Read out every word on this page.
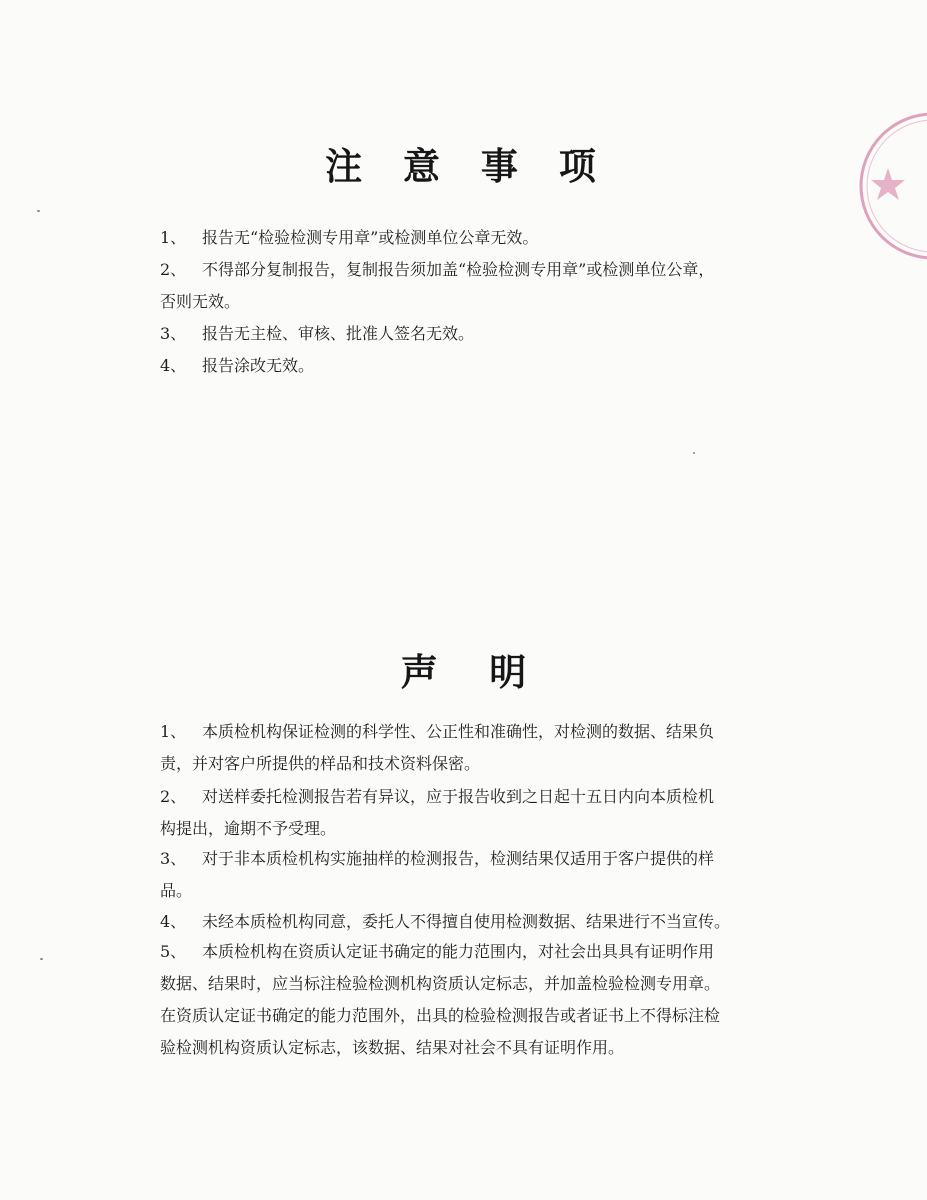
注 意 事 项
1、 报告无“检验检测专用章”或检测单位公章无效。
2、 不得部分复制报告，复制报告须加盖“检验检测专用章”或检测单位公章，
否则无效。
3、 报告无主检、审核、批准人签名无效。
4、 报告涂改无效。
声    明
1、 本质检机构保证检测的科学性、公正性和准确性，对检测的数据、结果负
责，并对客户所提供的样品和技术资料保密。
2、 对送样委托检测报告若有异议，应于报告收到之日起十五日内向本质检机
构提出，逾期不予受理。
3、 对于非本质检机构实施抽样的检测报告，检测结果仅适用于客户提供的样
品。
4、 未经本质检机构同意，委托人不得擅自使用检测数据、结果进行不当宣传。
5、 本质检机构在资质认定证书确定的能力范围内，对社会出具具有证明作用
数据、结果时，应当标注检验检测机构资质认定标志，并加盖检验检测专用章。
在资质认定证书确定的能力范围外，出具的检验检测报告或者证书上不得标注检
验检测机构资质认定标志，该数据、结果对社会不具有证明作用。
